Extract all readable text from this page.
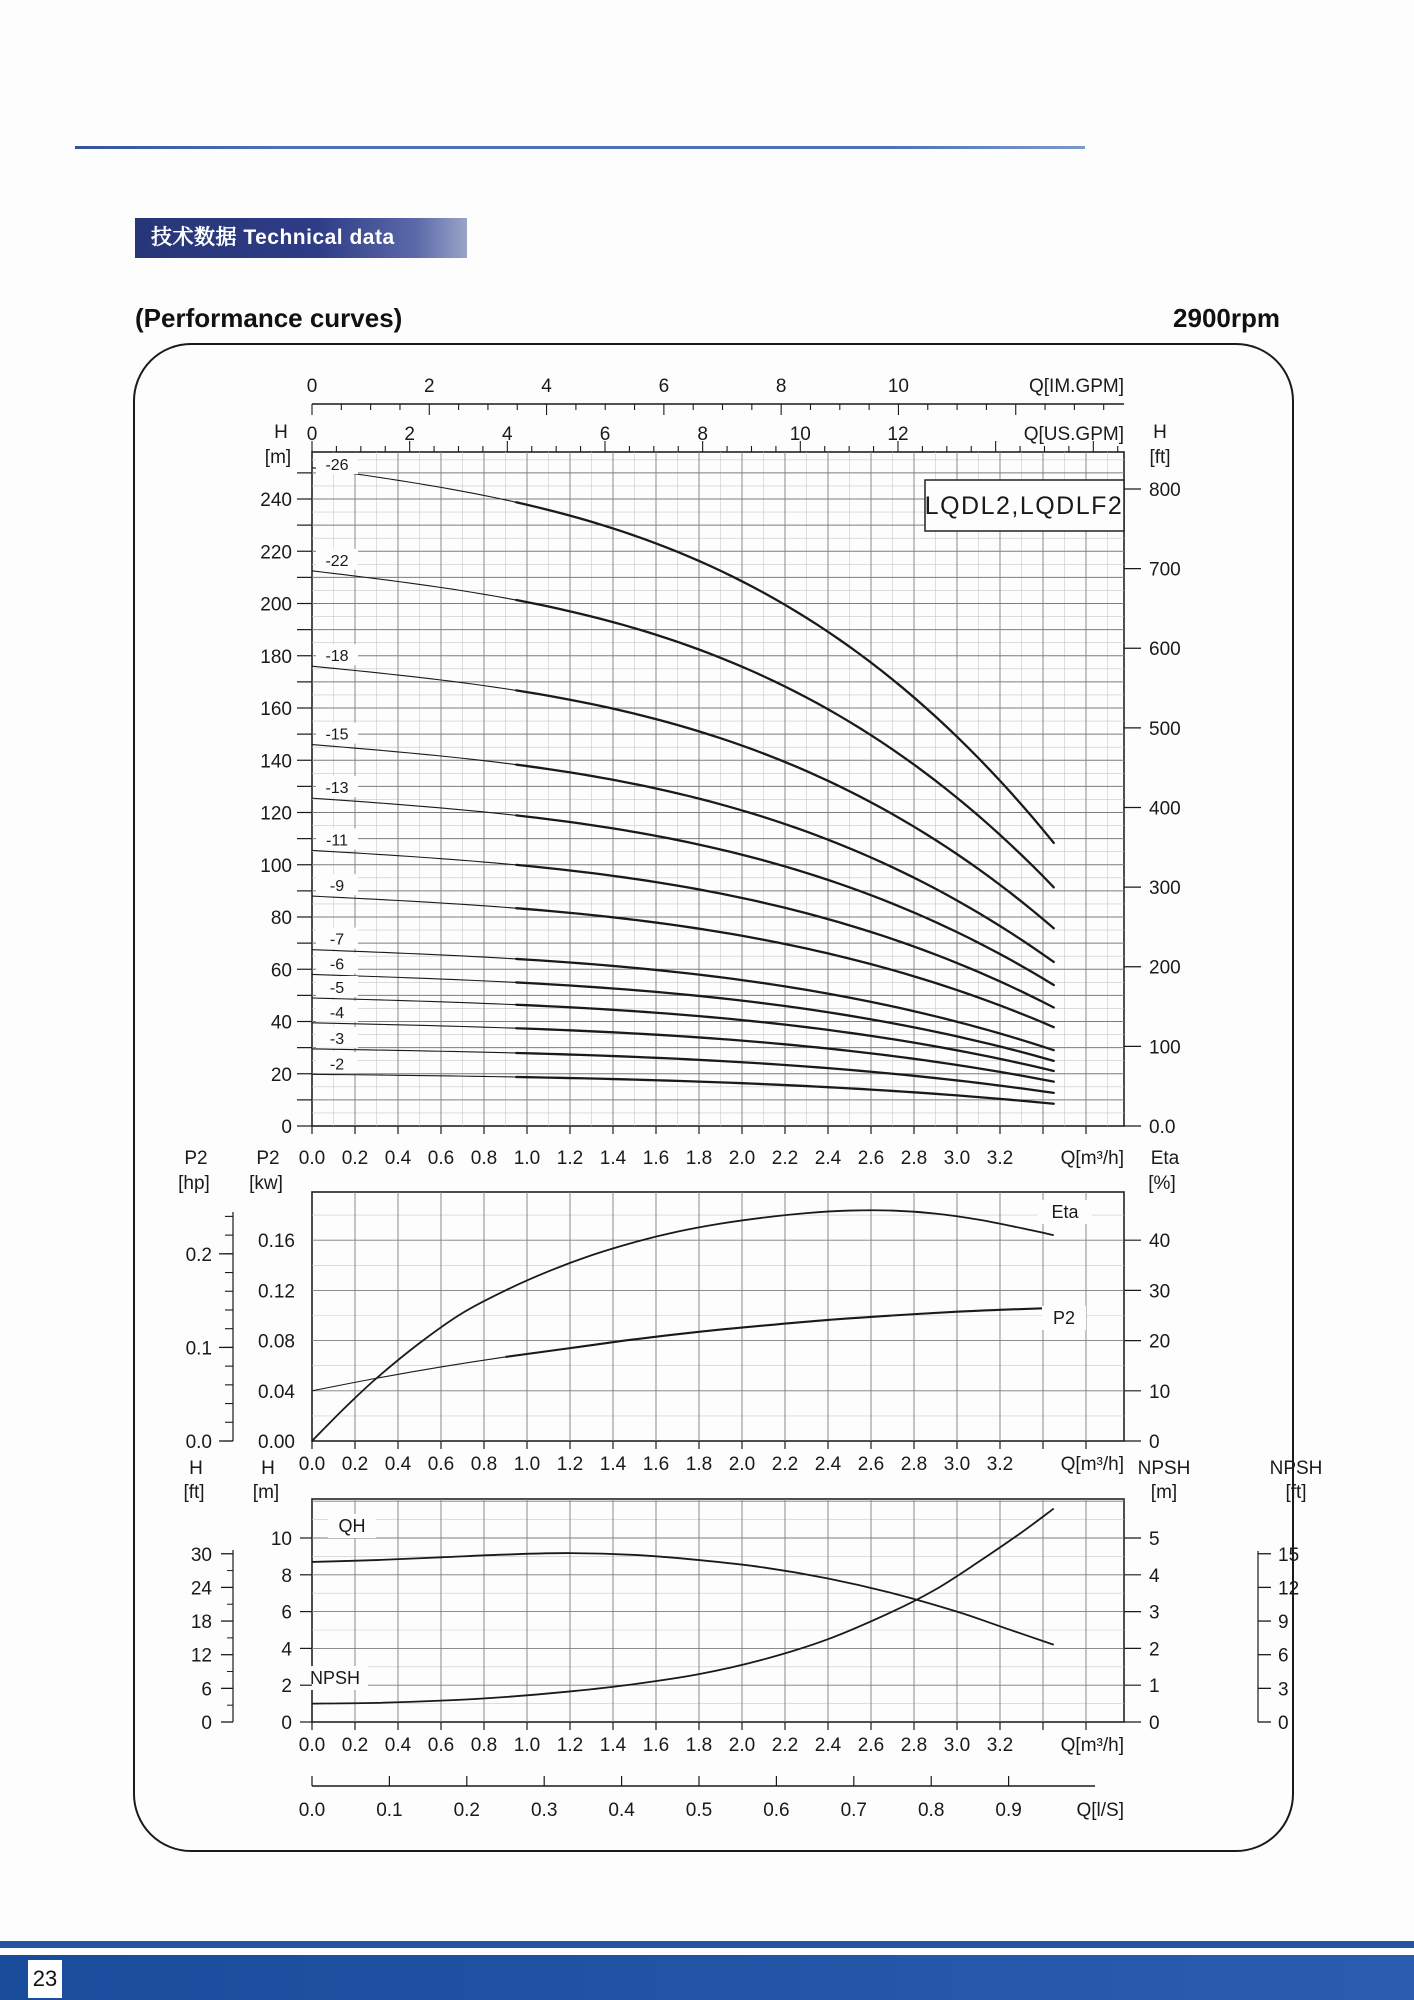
技术数据 Technical data
(Performance curves)	2900rpm
-26
-22
-18
-15
-13
-11
-9
-7
-6
-5
-4
-3
-2
LQDL2,LQDLF2
0
20
40
60
80
100
120
140
160
180
200
220
240
H
[m]
0.0
100
200
300
400
500
600
700
800
H
[ft]
0	2	4	6	8	10	Q[IM.GPM]
0	2	4	6	8	10	12	Q[US.GPM]
0.0 0.2 0.4 0.6 0.8 1.0 1.2 1.4 1.6 1.8 2.0 2.2 2.4 2.6 2.8 3.0 3.2 Q[m³/h]
Eta
P2
0.00
0.04
0.08
0.12
0.16
P2
[kw]
0.0
0.1
0.2
P2
[hp]
0
10
20
30
40
Eta
[%]
0.0 0.2 0.4 0.6 0.8 1.0 1.2 1.4 1.6 1.8 2.0 2.2 2.4 2.6 2.8 3.0 3.2 Q[m³/h]
QH
NPSH
0
2
4
6
8
10
H
[m]
0
6
12
18
24
30
H
[ft]
0
1
2
3
4
5
NPSH
[m]
0
3
6
9
12
15
NPSH
[ft]
0.0 0.2 0.4 0.6 0.8 1.0 1.2 1.4 1.6 1.8 2.0 2.2 2.4 2.6 2.8 3.0 3.2 Q[m³/h]
0.0	0.1	0.2	0.3	0.4	0.5	0.6	0.7	0.8	0.9	Q[l/S]
23
